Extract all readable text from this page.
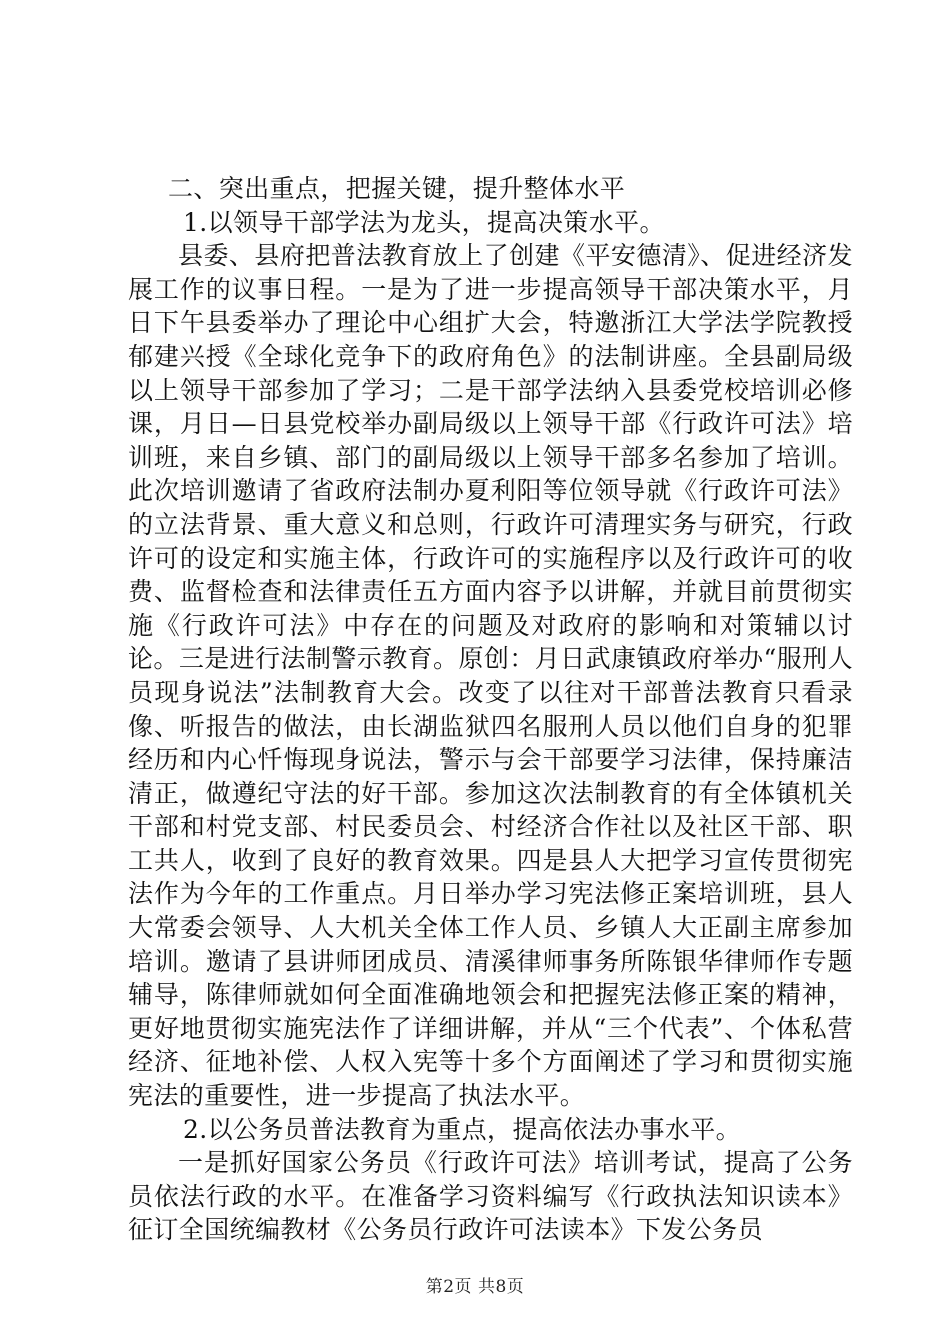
二、突出重点，把握关键，提升整体水平

1.以领导干部学法为龙头，提高决策水平。

县委、县府把普法教育放上了创建《平安德清》、促进经济发展工作的议事日程。一是为了进一步提高领导干部决策水平，月日下午县委举办了理论中心组扩大会，特邀浙江大学法学院教授郁建兴授《全球化竞争下的政府角色》的法制讲座。全县副局级以上领导干部参加了学习；二是干部学法纳入县委党校培训必修课，月日—日县党校举办副局级以上领导干部《行政许可法》培训班，来自乡镇、部门的副局级以上领导干部多名参加了培训。此次培训邀请了省政府法制办夏利阳等位领导就《行政许可法》的立法背景、重大意义和总则，行政许可清理实务与研究，行政许可的设定和实施主体，行政许可的实施程序以及行政许可的收费、监督检查和法律责任五方面内容予以讲解，并就目前贯彻实施《行政许可法》中存在的问题及对政府的影响和对策辅以讨论。三是进行法制警示教育。原创：月日武康镇政府举办“服刑人员现身说法”法制教育大会。改变了以往对干部普法教育只看录像、听报告的做法，由长湖监狱四名服刑人员以他们自身的犯罪经历和内心忏悔现身说法，警示与会干部要学习法律，保持廉洁清正，做遵纪守法的好干部。参加这次法制教育的有全体镇机关干部和村党支部、村民委员会、村经济合作社以及社区干部、职工共人，收到了良好的教育效果。四是县人大把学习宣传贯彻宪法作为今年的工作重点。月日举办学习宪法修正案培训班，县人大常委会领导、人大机关全体工作人员、乡镇人大正副主席参加培训。邀请了县讲师团成员、清溪律师事务所陈银华律师作专题辅导，陈律师就如何全面准确地领会和把握宪法修正案的精神，更好地贯彻实施宪法作了详细讲解，并从“三个代表”、个体私营经济、征地补偿、人权入宪等十多个方面阐述了学习和贯彻实施宪法的重要性，进一步提高了执法水平。

2.以公务员普法教育为重点，提高依法办事水平。

一是抓好国家公务员《行政许可法》培训考试，提高了公务员依法行政的水平。在准备学习资料编写《行政执法知识读本》征订全国统编教材《公务员行政许可法读本》下发公务员

第2页 共8页
